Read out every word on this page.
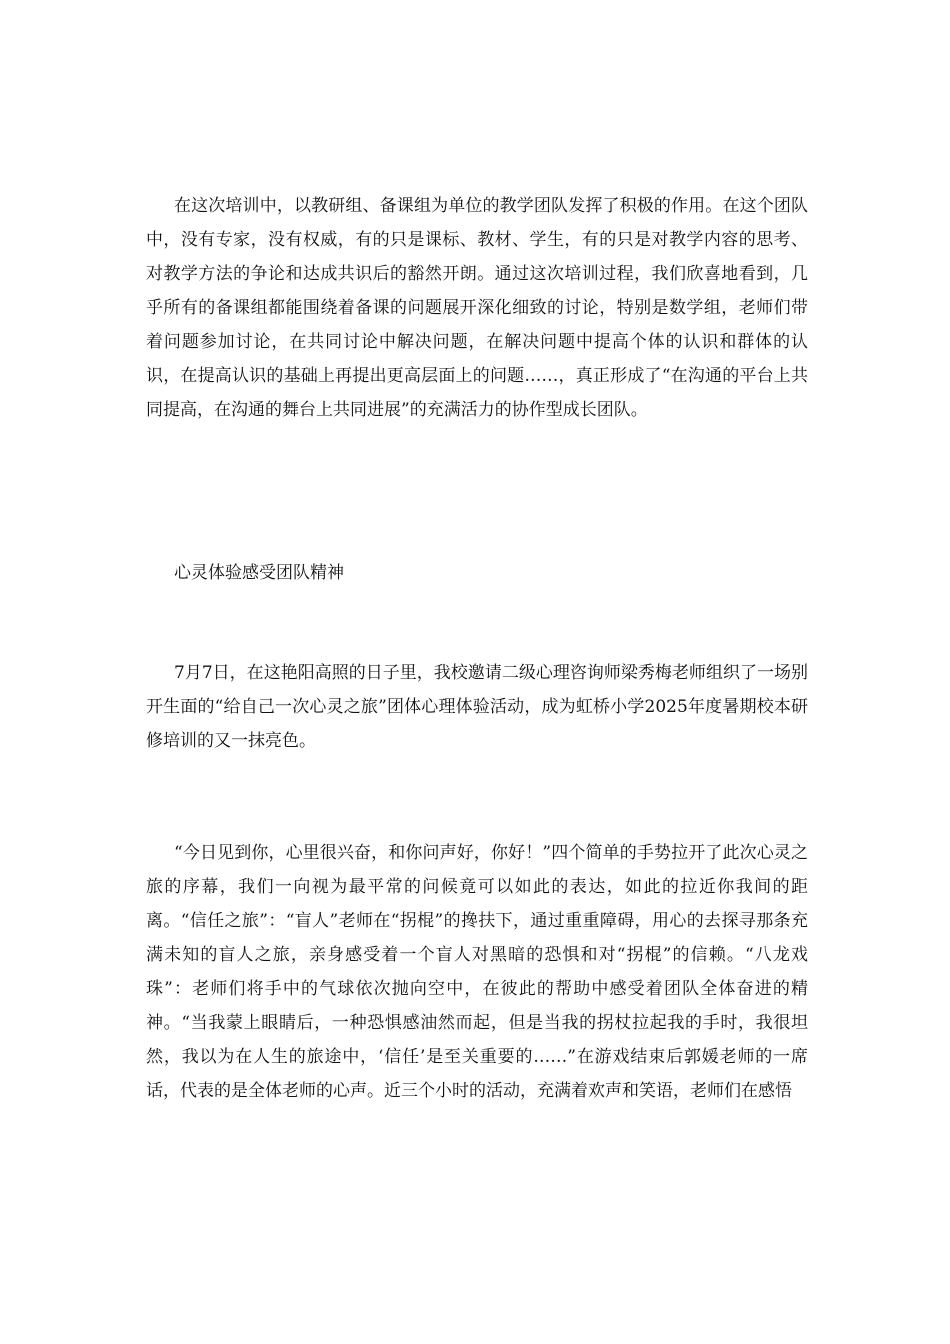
在这次培训中，以教研组、备课组为单位的教学团队发挥了积极的作用。在这个团队中，没有专家，没有权威，有的只是课标、教材、学生，有的只是对教学内容的思考、对教学方法的争论和达成共识后的豁然开朗。通过这次培训过程，我们欣喜地看到，几乎所有的备课组都能围绕着备课的问题展开深化细致的讨论，特别是数学组，老师们带着问题参加讨论，在共同讨论中解决问题，在解决问题中提高个体的认识和群体的认识，在提高认识的基础上再提出更高层面上的问题……，真正形成了“在沟通的平台上共同提高，在沟通的舞台上共同进展”的充满活力的协作型成长团队。

心灵体验感受团队精神

7月7日，在这艳阳高照的日子里，我校邀请二级心理咨询师梁秀梅老师组织了一场别开生面的“给自己一次心灵之旅”团体心理体验活动，成为虹桥小学2025年度暑期校本研修培训的又一抹亮色。

“今日见到你，心里很兴奋，和你问声好，你好！”四个简单的手势拉开了此次心灵之旅的序幕，我们一向视为最平常的问候竟可以如此的表达，如此的拉近你我间的距离。“信任之旅”：“盲人”老师在“拐棍”的搀扶下，通过重重障碍，用心的去探寻那条充满未知的盲人之旅，亲身感受着一个盲人对黑暗的恐惧和对“拐棍”的信赖。“八龙戏珠”：老师们将手中的气球依次抛向空中，在彼此的帮助中感受着团队全体奋进的精神。“当我蒙上眼睛后，一种恐惧感油然而起，但是当我的拐杖拉起我的手时，我很坦然，我以为在人生的旅途中，‘信任’是至关重要的……”在游戏结束后郭媛老师的一席话，代表的是全体老师的心声。近三个小时的活动，充满着欢声和笑语，老师们在感悟
